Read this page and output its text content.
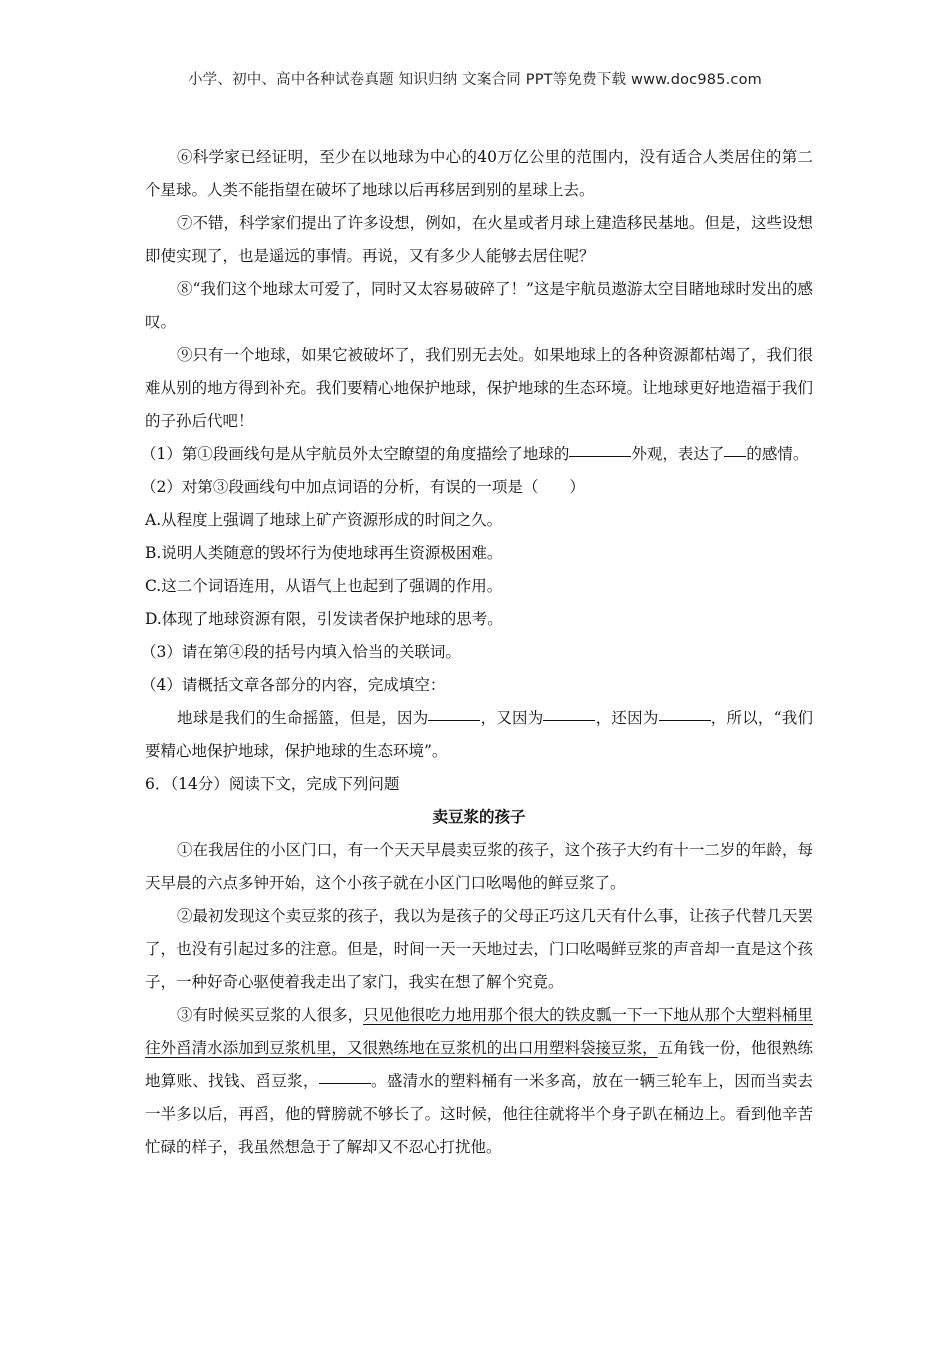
小学、初中、高中各种试卷真题 知识归纳 文案合同 PPT等免费下载 www.doc985.com

⑥科学家已经证明，至少在以地球为中心的40万亿公里的范围内，没有适合人类居住的第二个星球。人类不能指望在破坏了地球以后再移居到别的星球上去。

⑦不错，科学家们提出了许多设想，例如，在火星或者月球上建造移民基地。但是，这些设想即使实现了，也是遥远的事情。再说，又有多少人能够去居住呢？

⑧“我们这个地球太可爱了，同时又太容易破碎了！”这是宇航员遨游太空目睹地球时发出的感叹。

⑨只有一个地球，如果它被破坏了，我们别无去处。如果地球上的各种资源都枯竭了，我们很难从别的地方得到补充。我们要精心地保护地球，保护地球的生态环境。让地球更好地造福于我们的子孙后代吧！

（1）第①段画线句是从宇航员外太空瞭望的角度描绘了地球的	外观，表达了 的感情。

（2）对第③段画线句中加点词语的分析，有误的一项是（　　）

A.从程度上强调了地球上矿产资源形成的时间之久。

B.说明人类随意的毁坏行为使地球再生资源极困难。

C.这二个词语连用，从语气上也起到了强调的作用。

D.体现了地球资源有限，引发读者保护地球的思考。

（3）请在第④段的括号内填入恰当的关联词。

（4）请概括文章各部分的内容，完成填空：

地球是我们的生命摇篮，但是，因为	，又因为	，还因为	，所以，“我们要精心地保护地球，保护地球的生态环境”。

6．（14分）阅读下文，完成下列问题

卖豆浆的孩子

①在我居住的小区门口，有一个天天早晨卖豆浆的孩子，这个孩子大约有十一二岁的年龄，每天早晨的六点多钟开始，这个小孩子就在小区门口吆喝他的鲜豆浆了。

②最初发现这个卖豆浆的孩子，我以为是孩子的父母正巧这几天有什么事，让孩子代替几天罢了，也没有引起过多的注意。但是，时间一天一天地过去，门口吆喝鲜豆浆的声音却一直是这个孩子，一种好奇心驱使着我走出了家门，我实在想了解个究竟。

③有时候买豆浆的人很多，只见他很吃力地用那个很大的铁皮瓢一下一下地从那个大塑料桶里往外舀清水添加到豆浆机里，又很熟练地在豆浆机的出口用塑料袋接豆浆，五角钱一份，他很熟练地算账、找钱、舀豆浆，	。盛清水的塑料桶有一米多高，放在一辆三轮车上，因而当卖去一半多以后，再舀，他的臂膀就不够长了。这时候，他往往就将半个身子趴在桶边上。看到他辛苦忙碌的样子，我虽然想急于了解却又不忍心打扰他。
